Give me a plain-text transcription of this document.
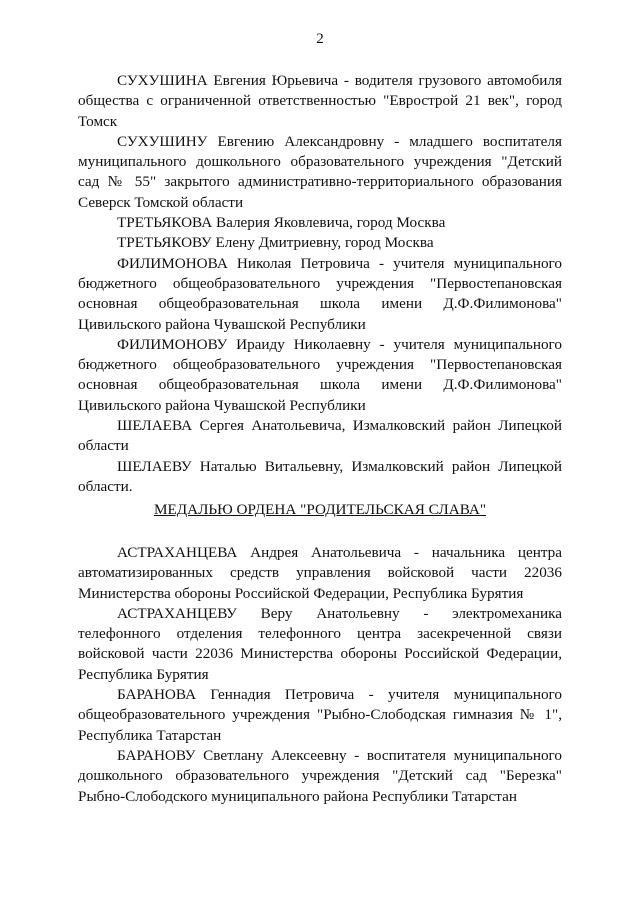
2

СУХУШИНА Евгения Юрьевича - водителя грузового автомобиля общества с ограниченной ответственностью "Еврострой 21 век", город Томск

СУХУШИНУ Евгению Александровну - младшего воспитателя муниципального дошкольного образовательного учреждения "Детский сад № 55" закрытого административно-территориального образования Северск Томской области

ТРЕТЬЯКОВА Валерия Яковлевича, город Москва

ТРЕТЬЯКОВУ Елену Дмитриевну, город Москва

ФИЛИМОНОВА Николая Петровича - учителя муниципального бюджетного общеобразовательного учреждения "Первостепановская основная общеобразовательная школа имени Д.Ф.Филимонова" Цивильского района Чувашской Республики

ФИЛИМОНОВУ Ираиду Николаевну - учителя муниципального бюджетного общеобразовательного учреждения "Первостепановская основная общеобразовательная школа имени Д.Ф.Филимонова" Цивильского района Чувашской Республики

ШЕЛАЕВА Сергея Анатольевича, Измалковский район Липецкой области

ШЕЛАЕВУ Наталью Витальевну, Измалковский район Липецкой области.

МЕДАЛЬЮ ОРДЕНА "РОДИТЕЛЬСКАЯ СЛАВА"

АСТРАХАНЦЕВА Андрея Анатольевича - начальника центра автоматизированных средств управления войсковой части 22036 Министерства обороны Российской Федерации, Республика Бурятия

АСТРАХАНЦЕВУ Веру Анатольевну - электромеханика телефонного отделения телефонного центра засекреченной связи войсковой части 22036 Министерства обороны Российской Федерации, Республика Бурятия

БАРАНОВА Геннадия Петровича - учителя муниципального общеобразовательного учреждения "Рыбно-Слободская гимназия № 1", Республика Татарстан

БАРАНОВУ Светлану Алексеевну - воспитателя муниципального дошкольного образовательного учреждения "Детский сад "Березка" Рыбно-Слободского муниципального района Республики Татарстан
